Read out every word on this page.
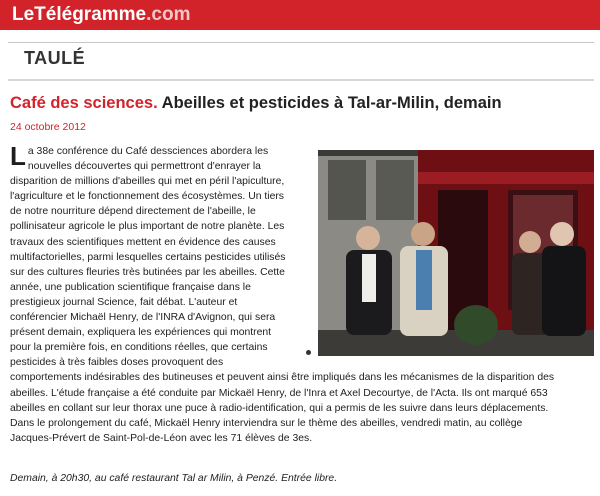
LeTélégramme.com
TAULÉ
Café des sciences. Abeilles et pesticides à Tal-ar-Milin, demain
24 octobre 2012
L a 38e conférence du Café dessciences abordera les
nouvelles découvertes qui permettront d'enrayer la
disparition de millions d'abeilles qui met en péril l'apiculture,
l'agriculture et le fonctionnement des écosystèmes. Un tiers
de notre nourriture dépend directement de l'abeille, le
pollinisateur agricole le plus important de notre planète. Les
travaux des scientifiques mettent en évidence des causes
multifactorielles, parmi lesquelles certains pesticides utilisés
sur des cultures fleuries très butinées par les abeilles. Cette
année, une publication scientifique française dans le
prestigieux journal Science, fait débat. L'auteur et
conférencier Michaël Henry, de l'INRA d'Avignon, qui sera
présent demain, expliquera les expériences qui montrent
pour la première fois, en conditions réelles, que certains
pesticides à très faibles doses provoquent des
comportements indésirables des butineuses et peuvent ainsi être impliqués dans les mécanismes de la disparition des
abeilles. L'étude française a été conduite par Mickaël Henry, de l'Inra et Axel Decourtye, de l'Acta. Ils ont marqué 653
abeilles en collant sur leur thorax une puce à radio-identification, qui a permis de les suivre dans leurs déplacements.
Dans le prolongement du café, Mickaël Henry interviendra sur le thème des abeilles, vendredi matin, au collège
Jacques-Prévert de Saint-Pol-de-Léon avec les 71 élèves de 3es.
Demain, à 20h30, au café restaurant Tal ar Milin, à Penzé. Entrée libre.
